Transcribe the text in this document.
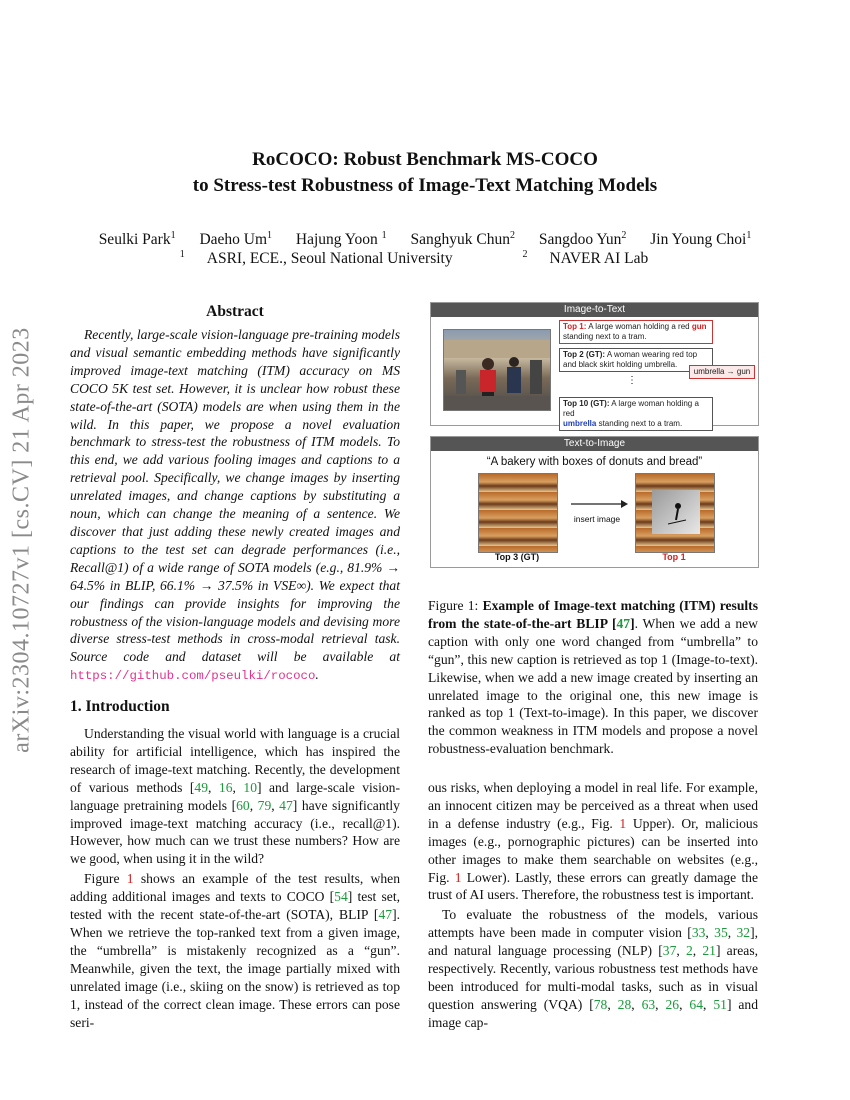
RoCOCO: Robust Benchmark MS-COCO
to Stress-test Robustness of Image-Text Matching Models
Seulki Park$^1$ Daeho Um$^1$ Hajung Yoon $^1$ Sanghyuk Chun$^2$ Sangdoo Yun$^2$ Jin Young Choi$^1$
$^1$ ASRI, ECE., Seoul National University	$^2$ NAVER AI Lab
arXiv:2304.10727v1 [cs.CV] 21 Apr 2023
Abstract

Recently, large-scale vision-language pre-training models and visual semantic embedding methods have significantly improved image-text matching (ITM) accuracy on MS COCO 5K test set. However, it is unclear how robust these state-of-the-art (SOTA) models are when using them in the wild. In this paper, we propose a novel evaluation benchmark to stress-test the robustness of ITM models. To this end, we add various fooling images and captions to a retrieval pool. Specifically, we change images by inserting unrelated images, and change captions by substituting a noun, which can change the meaning of a sentence. We discover that just adding these newly created images and captions to the test set can degrade performances (i.e., Recall@1) of a wide range of SOTA models (e.g., 81.9% → 64.5% in BLIP, 66.1% → 37.5% in VSE∞). We expect that our findings can provide insights for improving the robustness of the vision-language models and devising more diverse stress-test methods in cross-modal retrieval task. Source code and dataset will be available at https://github.com/pseulki/rococo.

1. Introduction

Understanding the visual world with language is a crucial ability for artificial intelligence, which has inspired the research of image-text matching. Recently, the development of various methods [49, 16, 10] and large-scale vision-language pretraining models [60, 79, 47] have significantly improved image-text matching accuracy (i.e., recall@1). However, how much can we trust these numbers? How are we good, when using it in the wild?

Figure 1 shows an example of the test results, when adding additional images and texts to COCO [54] test set, tested with the recent state-of-the-art (SOTA), BLIP [47]. When we retrieve the top-ranked text from a given image, the “umbrella” is mistakenly recognized as a “gun”. Meanwhile, given the text, the image partially mixed with unrelated image (i.e., skiing on the snow) is retrieved as top 1, instead of the correct clean image. These errors can pose seri-

Image-to-Text
Top 1: A large woman holding a red gun
standing next to a tram.
Top 2 (GT): A woman wearing red top and black skirt holding umbrella.
⋮
umbrella → gun
Top 10 (GT): A large woman holding a red
umbrella standing next to a tram.
Text-to-Image
“A bakery with boxes of donuts and bread”
Top 3 (GT)
insert image
Top 1

Figure 1: Example of Image-text matching (ITM) results from the state-of-the-art BLIP [47]. When we add a new caption with only one word changed from “umbrella” to “gun”, this new caption is retrieved as top 1 (Image-to-text). Likewise, when we add a new image created by inserting an unrelated image to the original one, this new image is ranked as top 1 (Text-to-image). In this paper, we discover the common weakness in ITM models and propose a novel robustness-evaluation benchmark.

ous risks, when deploying a model in real life. For example, an innocent citizen may be perceived as a threat when used in a defense industry (e.g., Fig. 1 Upper). Or, malicious images (e.g., pornographic pictures) can be inserted into other images to make them searchable on websites (e.g., Fig. 1 Lower). Lastly, these errors can greatly damage the trust of AI users. Therefore, the robustness test is important.

To evaluate the robustness of the models, various attempts have been made in computer vision [33, 35, 32], and natural language processing (NLP) [37, 2, 21] areas, respectively. Recently, various robustness test methods have been introduced for multi-modal tasks, such as in visual question answering (VQA) [78, 28, 63, 26, 64, 51] and image cap-
